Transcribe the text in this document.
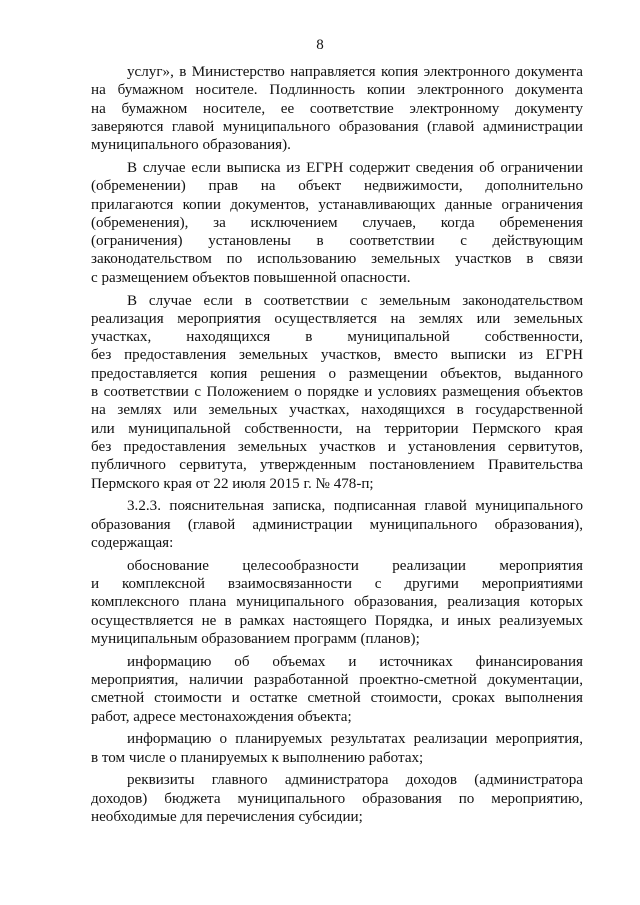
8
услуг», в Министерство направляется копия электронного документа
на бумажном носителе. Подлинность копии электронного документа
на бумажном носителе, ее соответствие электронному документу
заверяются главой муниципального образования (главой администрации
муниципального образования).
В случае если выписка из ЕГРН содержит сведения об ограничении
(обременении) прав на объект недвижимости, дополнительно
прилагаются копии документов, устанавливающих данные ограничения
(обременения), за исключением случаев, когда обременения
(ограничения) установлены в соответствии с действующим
законодательством по использованию земельных участков в связи
с размещением объектов повышенной опасности.
В случае если в соответствии с земельным законодательством
реализация мероприятия осуществляется на землях или земельных
участках, находящихся в муниципальной собственности,
без предоставления земельных участков, вместо выписки из ЕГРН
предоставляется копия решения о размещении объектов, выданного
в соответствии с Положением о порядке и условиях размещения объектов
на землях или земельных участках, находящихся в государственной
или муниципальной собственности, на территории Пермского края
без предоставления земельных участков и установления сервитутов,
публичного сервитута, утвержденным постановлением Правительства
Пермского края от 22 июля 2015 г. № 478-п;
3.2.3. пояснительная записка, подписанная главой муниципального
образования (главой администрации муниципального образования),
содержащая:
обоснование целесообразности реализации мероприятия
и комплексной взаимосвязанности с другими мероприятиями
комплексного плана муниципального образования, реализация которых
осуществляется не в рамках настоящего Порядка, и иных реализуемых
муниципальным образованием программ (планов);
информацию об объемах и источниках финансирования
мероприятия, наличии разработанной проектно-сметной документации,
сметной стоимости и остатке сметной стоимости, сроках выполнения
работ, адресе местонахождения объекта;
информацию о планируемых результатах реализации мероприятия,
в том числе о планируемых к выполнению работах;
реквизиты главного администратора доходов (администратора
доходов) бюджета муниципального образования по мероприятию,
необходимые для перечисления субсидии;
